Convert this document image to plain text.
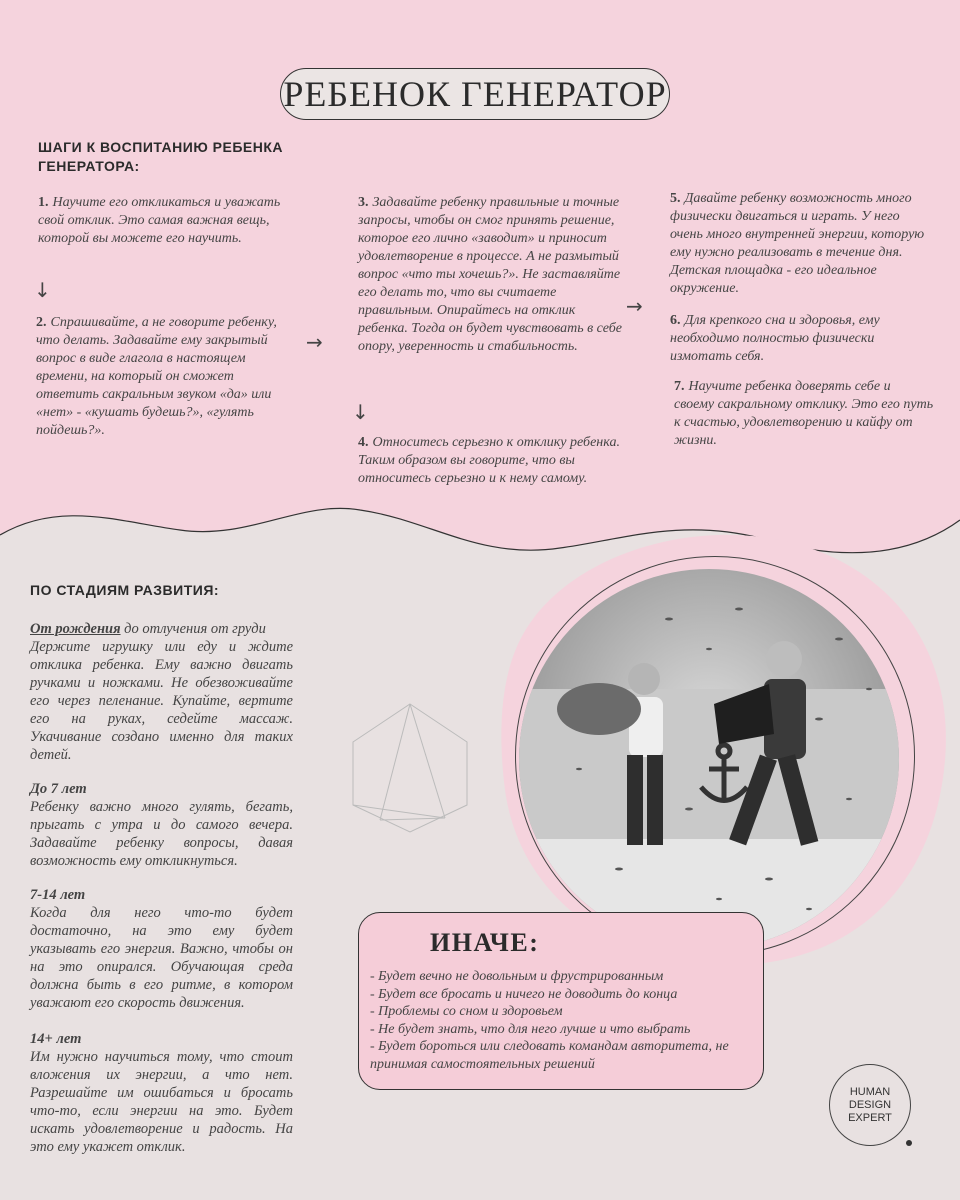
РЕБЕНОК ГЕНЕРАТОР
ШАГИ К ВОСПИТАНИЮ РЕБЕНКА ГЕНЕРАТОРА:
1. Научите его откликаться и уважать свой отклик. Это самая важная вещь, которой вы можете его научить.
↓
2. Спрашивайте, а не говорите ребенку, что делать. Задавайте ему закрытый вопрос в виде глагола в настоящем времени, на который он сможет ответить сакральным звуком «да» или «нет» - «кушать будешь?», «гулять пойдешь?».
→
3. Задавайте ребенку правильные и точные запросы, чтобы он смог принять решение, которое его лично «заводит» и приносит удовлетворение в процессе. А не размытый вопрос «что ты хочешь?». Не заставляйте его делать то, что вы считаете правильным. Опирайтесь на отклик ребенка. Тогда он будет чувствовать в себе опору, уверенность и стабильность.
↓
4. Относитесь серьезно к отклику ребенка. Таким образом вы говорите, что вы относитесь серьезно и к нему самому.
→
5. Давайте ребенку возможность много физически двигаться и играть. У него очень много внутренней энергии, которую ему нужно реализовать в течение дня. Детская площадка - его идеальное окружение.
6. Для крепкого сна и здоровья, ему необходимо полностью физически измотать себя.
7. Научите ребенка доверять себе и своему сакральному отклику. Это его путь к счастью, удовлетворению и кайфу от жизни.
ПО СТАДИЯМ РАЗВИТИЯ:
От рождения до отлучения от груди
Держите игрушку или еду и ждите отклика ребенка. Ему важно двигать ручками и ножками. Не обезвоживайте его через пеленание. Купайте, вертите его на руках, седейте массаж. Укачивание создано именно для таких детей.
До 7 лет
Ребенку важно много гулять, бегать, прыгать с утра и до самого вечера. Задавайте ребенку вопросы, давая возможность ему откликнуться.
7-14 лет
Когда для него что-то будет достаточно, на это ему будет указывать его энергия. Важно, чтобы он на это опирался. Обучающая среда должна быть в его ритме, в котором уважают его скорость движения.
14+ лет
Им нужно научиться тому, что стоит вложения их энергии, а что нет. Разрешайте им ошибаться и бросать что-то, если энергии на это. Будет искать удовлетворение и радость. На это ему укажет отклик.
ИНАЧЕ:
- Будет вечно не довольным и фрустрированным
- Будет все бросать и ничего не доводить до конца
- Проблемы со сном и здоровьем
- Не будет знать, что для него лучше и что выбрать
- Будет бороться или следовать командам авторитета, не принимая самостоятельных решений
HUMAN
DESIGN
EXPERT
